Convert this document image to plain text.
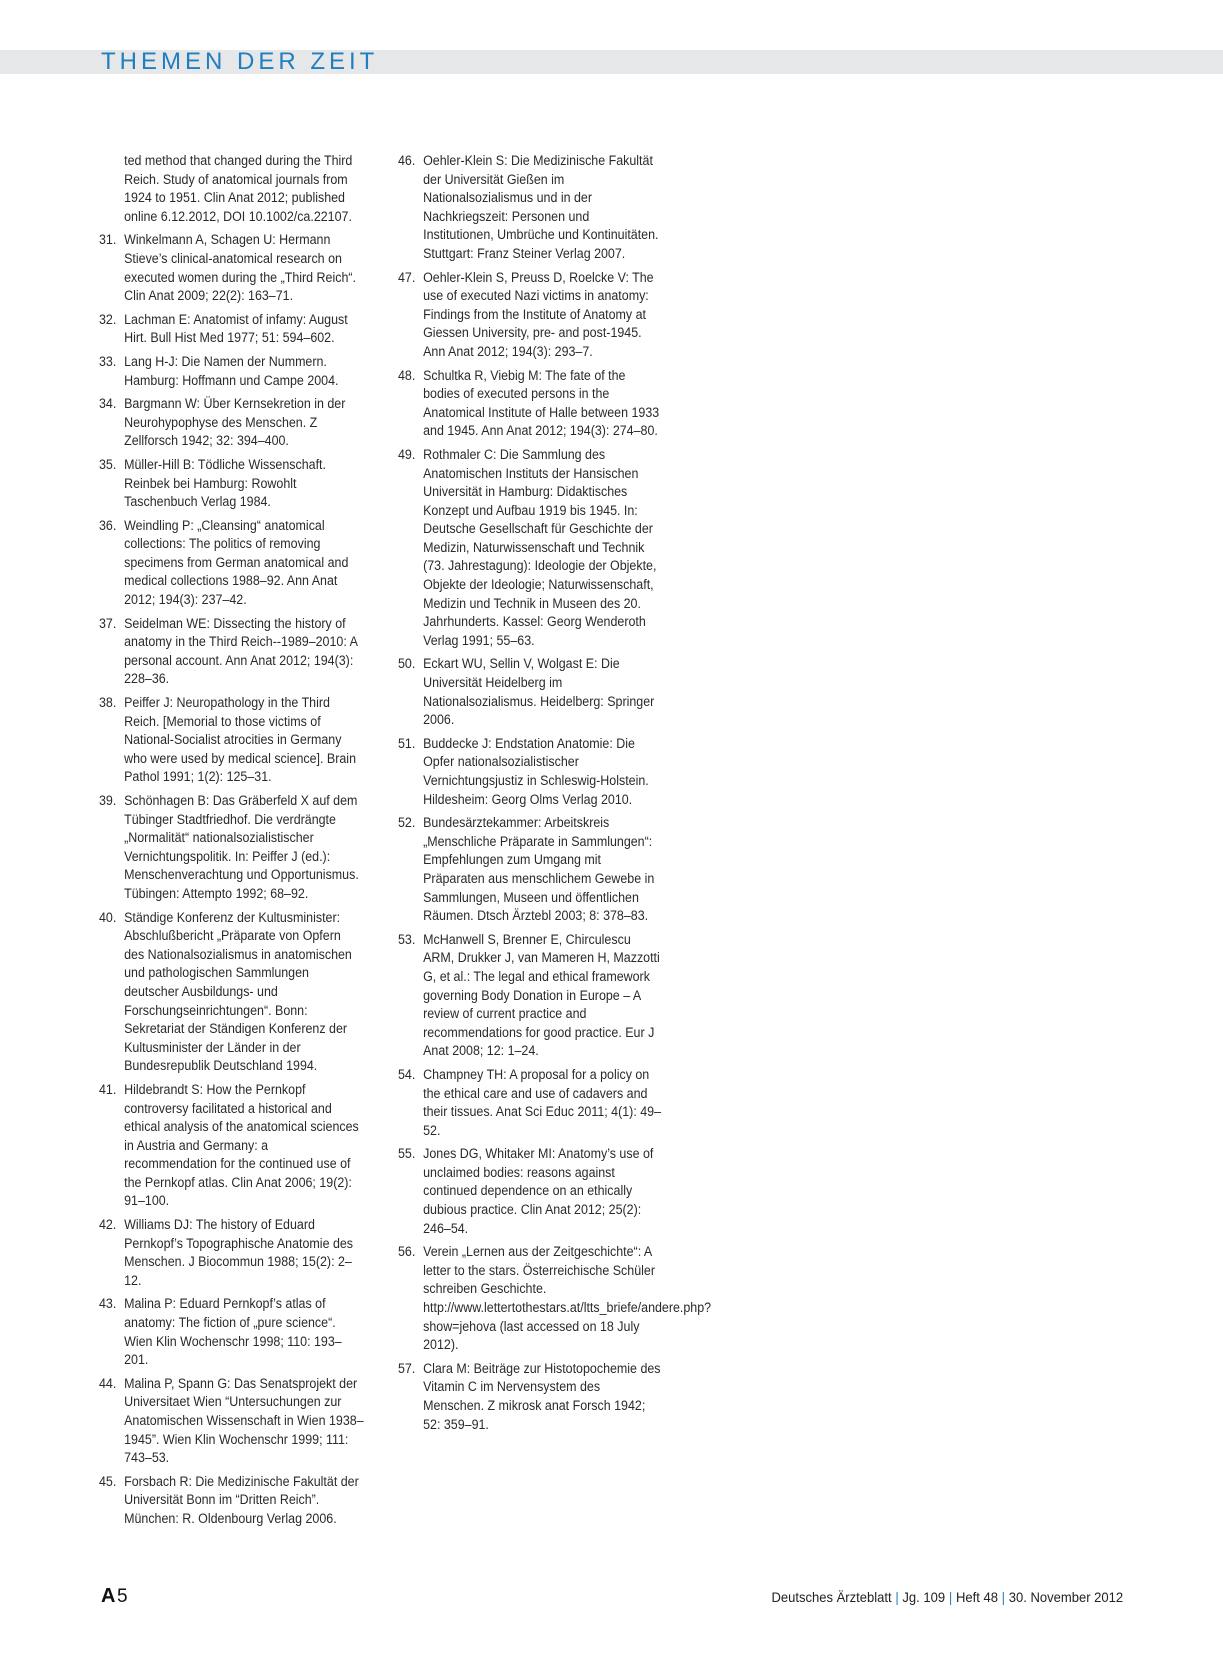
THEMEN DER ZEIT
ted method that changed during the Third Reich. Study of anatomical journals from 1924 to 1951. Clin Anat 2012; published online 6.12.2012, DOI 10.1002/ca.22107.
31. Winkelmann A, Schagen U: Hermann Stieve’s clinical-anatomical research on executed women during the „Third Reich“. Clin Anat 2009; 22(2): 163–71.
32. Lachman E: Anatomist of infamy: August Hirt. Bull Hist Med 1977; 51: 594–602.
33. Lang H-J: Die Namen der Nummern. Hamburg: Hoffmann und Campe 2004.
34. Bargmann W: Über Kernsekretion in der Neurohypophyse des Menschen. Z Zellforsch 1942; 32: 394–400.
35. Müller-Hill B: Tödliche Wissenschaft. Reinbek bei Hamburg: Rowohlt Taschenbuch Verlag 1984.
36. Weindling P: „Cleansing“ anatomical collections: The politics of removing specimens from German anatomical and medical collections 1988–92. Ann Anat 2012; 194(3): 237–42.
37. Seidelman WE: Dissecting the history of anatomy in the Third Reich--1989–2010: A personal account. Ann Anat 2012; 194(3): 228–36.
38. Peiffer J: Neuropathology in the Third Reich. [Memorial to those victims of National-Socialist atrocities in Germany who were used by medical science]. Brain Pathol 1991; 1(2): 125–31.
39. Schönhagen B: Das Gräberfeld X auf dem Tübinger Stadtfriedhof. Die verdrängte „Normalität“ nationalsozialistischer Vernichtungspolitik. In: Peiffer J (ed.): Menschenverachtung und Opportunismus. Tübingen: Attempto 1992; 68–92.
40. Ständige Konferenz der Kultusminister: Abschlußbericht „Präparate von Opfern des Nationalsozialismus in anatomischen und pathologischen Sammlungen deutscher Ausbildungs- und Forschungseinrichtungen“. Bonn: Sekretariat der Ständigen Konferenz der Kultusminister der Länder in der Bundesrepublik Deutschland 1994.
41. Hildebrandt S: How the Pernkopf controversy facilitated a historical and ethical analysis of the anatomical sciences in Austria and Germany: a recommendation for the continued use of the Pernkopf atlas. Clin Anat 2006; 19(2): 91–100.
42. Williams DJ: The history of Eduard Pernkopf’s Topographische Anatomie des Menschen. J Biocommun 1988; 15(2): 2–12.
43. Malina P: Eduard Pernkopf’s atlas of anatomy: The fiction of „pure science“. Wien Klin Wochenschr 1998; 110: 193–201.
44. Malina P, Spann G: Das Senatsprojekt der Universitaet Wien “Untersuchungen zur Anatomischen Wissenschaft in Wien 1938–1945”. Wien Klin Wochenschr 1999; 111: 743–53.
45. Forsbach R: Die Medizinische Fakultät der Universität Bonn im “Dritten Reich”. München: R. Oldenbourg Verlag 2006.
46. Oehler-Klein S: Die Medizinische Fakultät der Universität Gießen im Nationalsozialismus und in der Nachkriegszeit: Personen und Institutionen, Umbrüche und Kontinuitäten. Stuttgart: Franz Steiner Verlag 2007.
47. Oehler-Klein S, Preuss D, Roelcke V: The use of executed Nazi victims in anatomy: Findings from the Institute of Anatomy at Giessen University, pre- and post-1945. Ann Anat 2012; 194(3): 293–7.
48. Schultka R, Viebig M: The fate of the bodies of executed persons in the Anatomical Institute of Halle between 1933 and 1945. Ann Anat 2012; 194(3): 274–80.
49. Rothmaler C: Die Sammlung des Anatomischen Instituts der Hansischen Universität in Hamburg: Didaktisches Konzept und Aufbau 1919 bis 1945. In: Deutsche Gesellschaft für Geschichte der Medizin, Naturwissenschaft und Technik (73. Jahrestagung): Ideologie der Objekte, Objekte der Ideologie; Naturwissenschaft, Medizin und Technik in Museen des 20. Jahrhunderts. Kassel: Georg Wenderoth Verlag 1991; 55–63.
50. Eckart WU, Sellin V, Wolgast E: Die Universität Heidelberg im Nationalsozialismus. Heidelberg: Springer 2006.
51. Buddecke J: Endstation Anatomie: Die Opfer nationalsozialistischer Vernichtungsjustiz in Schleswig-Holstein. Hildesheim: Georg Olms Verlag 2010.
52. Bundesärztekammer: Arbeitskreis „Menschliche Präparate in Sammlungen“: Empfehlungen zum Umgang mit Präparaten aus menschlichem Gewebe in Sammlungen, Museen und öffentlichen Räumen. Dtsch Ärztebl 2003; 8: 378–83.
53. McHanwell S, Brenner E, Chirculescu ARM, Drukker J, van Mameren H, Mazzotti G, et al.: The legal and ethical framework governing Body Donation in Europe – A review of current practice and recommendations for good practice. Eur J Anat 2008; 12: 1–24.
54. Champney TH: A proposal for a policy on the ethical care and use of cadavers and their tissues. Anat Sci Educ 2011; 4(1): 49–52.
55. Jones DG, Whitaker MI: Anatomy’s use of unclaimed bodies: reasons against continued dependence on an ethically dubious practice. Clin Anat 2012; 25(2): 246–54.
56. Verein „Lernen aus der Zeitgeschichte“: A letter to the stars. Österreichische Schüler schreiben Geschichte. http://www.lettertothestars.at/ltts_briefe/andere.php?show=jehova (last accessed on 18 July 2012).
57. Clara M: Beiträge zur Histotopochemie des Vitamin C im Nervensystem des Menschen. Z mikrosk anat Forsch 1942; 52: 359–91.
A 5	Deutsches Ärzteblatt | Jg. 109 | Heft 48 | 30. November 2012
